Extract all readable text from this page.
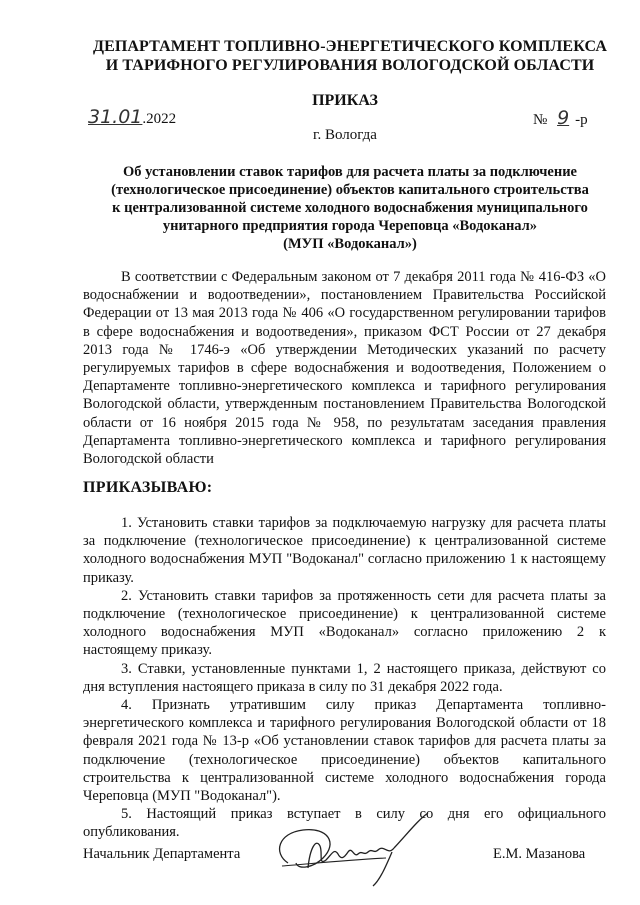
ДЕПАРТАМЕНТ ТОПЛИВНО-ЭНЕРГЕТИЧЕСКОГО КОМПЛЕКСА
И ТАРИФНОГО РЕГУЛИРОВАНИЯ ВОЛОГОДСКОЙ ОБЛАСТИ
ПРИКАЗ
31.01.2022	№ 9 -р
г. Вологда
Об установлении ставок тарифов для расчета платы за подключение
(технологическое присоединение) объектов капитального строительства
к централизованной системе холодного водоснабжения муниципального
унитарного предприятия города Череповца «Водоканал»
(МУП «Водоканал»)

В соответствии с Федеральным законом от 7 декабря 2011 года № 416-ФЗ «О водоснабжении и водоотведении», постановлением Правительства Российской Федерации от 13 мая 2013 года № 406 «О государственном регулировании тарифов в сфере водоснабжения и водоотведения», приказом ФСТ России от 27 декабря 2013 года № 1746-э «Об утверждении Методических указаний по расчету регулируемых тарифов в сфере водоснабжения и водоотведения, Положением о Департаменте топливно-энергетического комплекса и тарифного регулирования Вологодской области, утвержденным постановлением Правительства Вологодской области от 16 ноября 2015 года № 958, по результатам заседания правления Департамента топливно-энергетического комплекса и тарифного регулирования Вологодской области

ПРИКАЗЫВАЮ:

1. Установить ставки тарифов за подключаемую нагрузку для расчета платы за подключение (технологическое присоединение) к централизованной системе холодного водоснабжения МУП "Водоканал" согласно приложению 1 к настоящему приказу.

2. Установить ставки тарифов за протяженность сети для расчета платы за подключение (технологическое присоединение) к централизованной системе холодного водоснабжения МУП «Водоканал» согласно приложению 2 к настоящему приказу.

3. Ставки, установленные пунктами 1, 2 настоящего приказа, действуют со дня вступления настоящего приказа в силу по 31 декабря 2022 года.

4. Признать утратившим силу приказ Департамента топливно-энергетического комплекса и тарифного регулирования Вологодской области от 18 февраля 2021 года № 13-р «Об установлении ставок тарифов для расчета платы за подключение (технологическое присоединение) объектов капитального строительства к централизованной системе холодного водоснабжения города Череповца (МУП "Водоканал").

5. Настоящий приказ вступает в силу со дня его официального опубликования.

Начальник Департамента	Е.М. Мазанова
